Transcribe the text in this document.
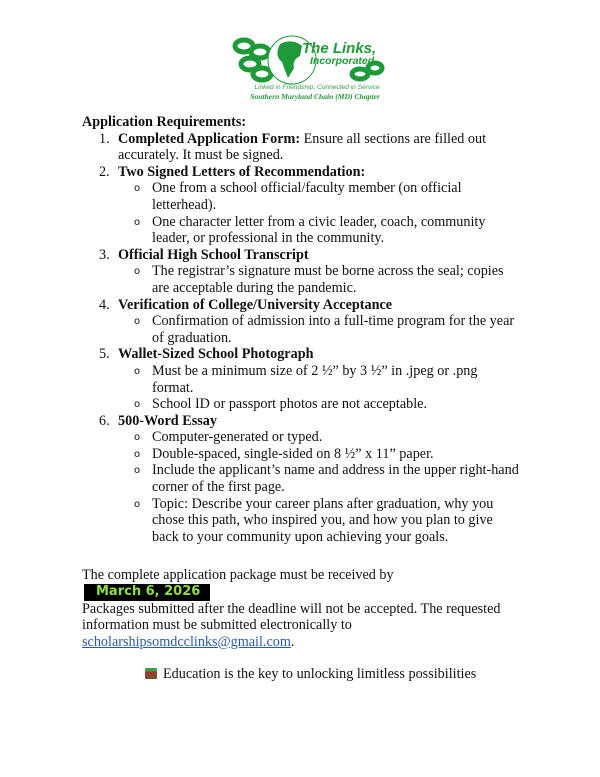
The Links,
Incorporated
Linked in Friendship, Connected in Service
Southern Maryland Chain (MD) Chapter
Application Requirements:
1. Completed Application Form: Ensure all sections are filled out accurately. It must be signed.
2. Two Signed Letters of Recommendation:
o One from a school official/faculty member (on official letterhead).
o One character letter from a civic leader, coach, community leader, or professional in the community.
3. Official High School Transcript
o The registrar’s signature must be borne across the seal; copies are acceptable during the pandemic.
4. Verification of College/University Acceptance
o Confirmation of admission into a full-time program for the year of graduation.
5. Wallet-Sized School Photograph
o Must be a minimum size of 2 ½” by 3 ½” in .jpeg or .png format.
o School ID or passport photos are not acceptable.
6. 500-Word Essay
o Computer-generated or typed.
o Double-spaced, single-sided on 8 ½” x 11” paper.
o Include the applicant’s name and address in the upper right-hand corner of the first page.
o Topic: Describe your career plans after graduation, why you chose this path, who inspired you, and how you plan to give back to your community upon achieving your goals.
The complete application package must be received by March 6, 2026
Packages submitted after the deadline will not be accepted. The requested information must be submitted electronically to scholarshipsomdcclinks@gmail.com.
Education is the key to unlocking limitless possibilities
